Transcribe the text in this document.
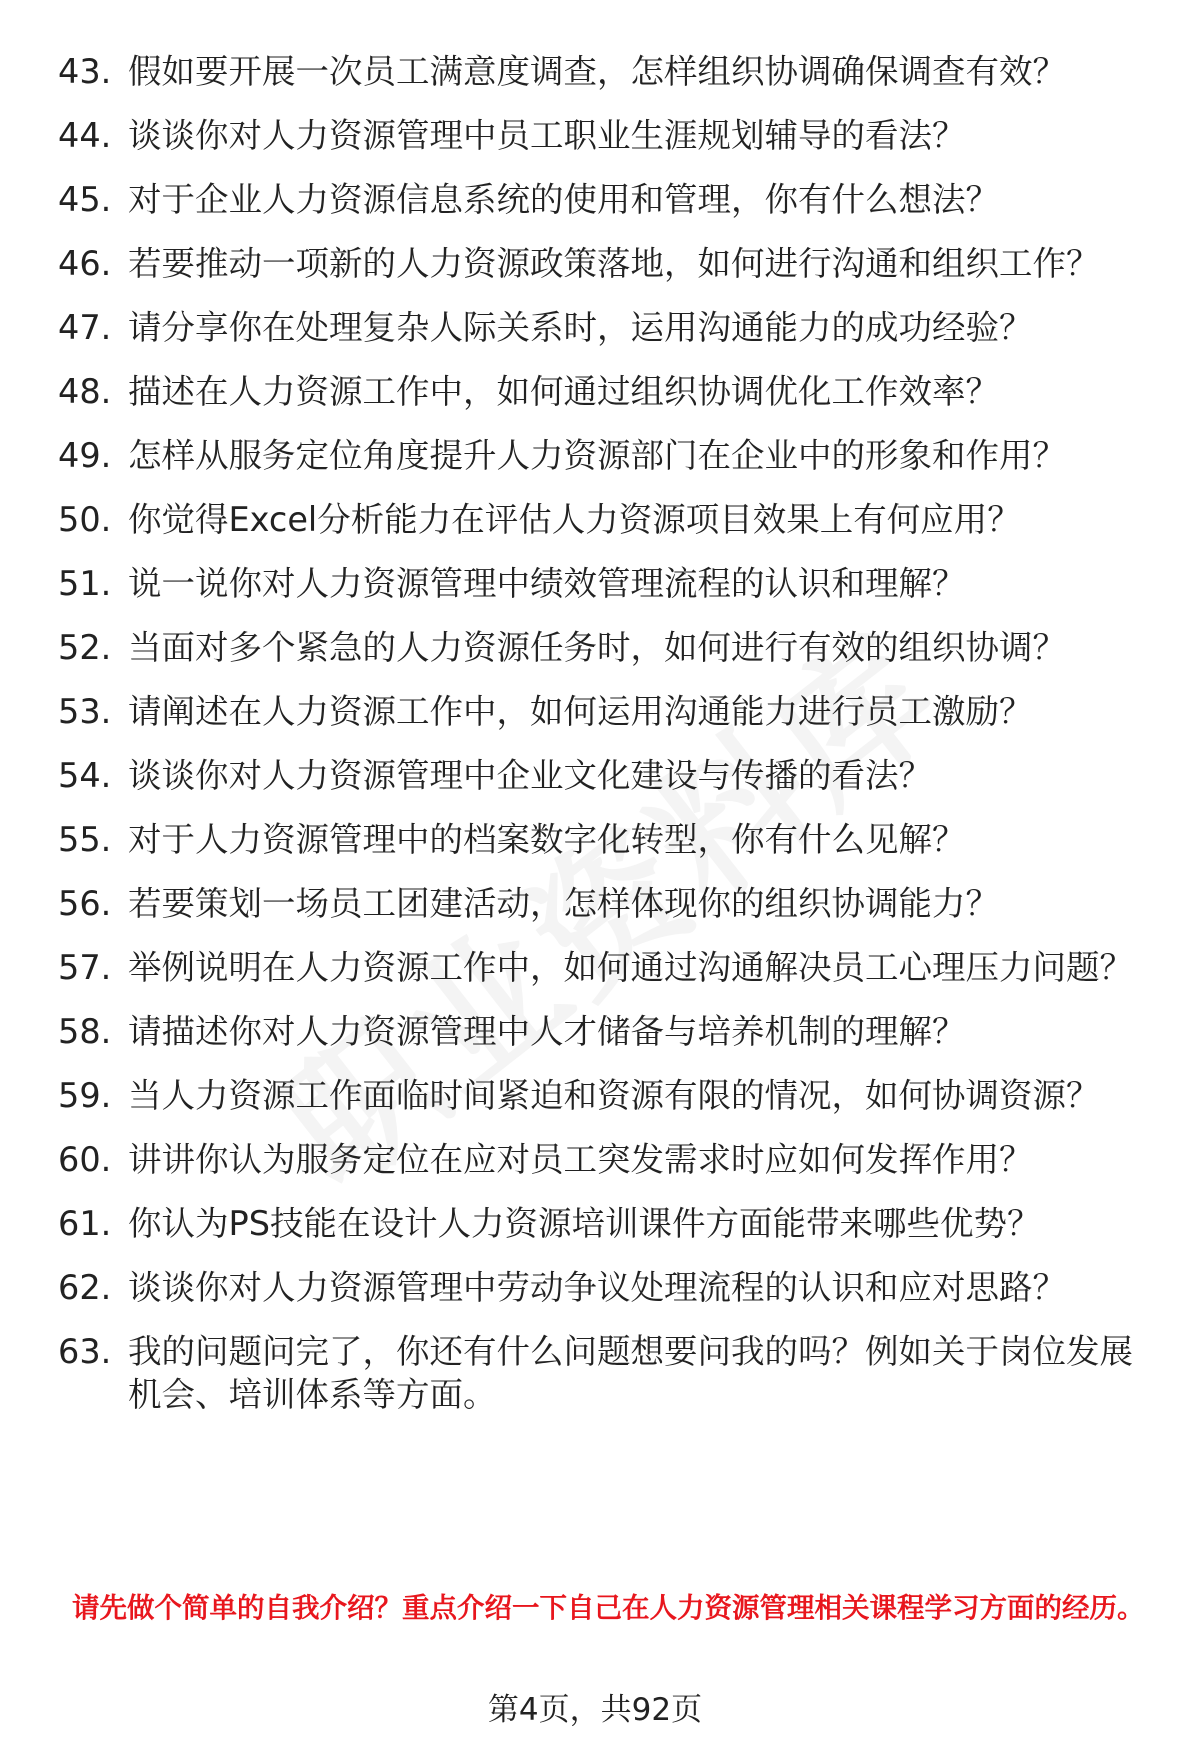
43. 假如要开展一次员工满意度调查，怎样组织协调确保调查有效？
44. 谈谈你对人力资源管理中员工职业生涯规划辅导的看法？
45. 对于企业人力资源信息系统的使用和管理，你有什么想法？
46. 若要推动一项新的人力资源政策落地，如何进行沟通和组织工作？
47. 请分享你在处理复杂人际关系时，运用沟通能力的成功经验？
48. 描述在人力资源工作中，如何通过组织协调优化工作效率？
49. 怎样从服务定位角度提升人力资源部门在企业中的形象和作用？
50. 你觉得Excel分析能力在评估人力资源项目效果上有何应用？
51. 说一说你对人力资源管理中绩效管理流程的认识和理解？
52. 当面对多个紧急的人力资源任务时，如何进行有效的组织协调？
53. 请阐述在人力资源工作中，如何运用沟通能力进行员工激励？
54. 谈谈你对人力资源管理中企业文化建设与传播的看法？
55. 对于人力资源管理中的档案数字化转型，你有什么见解？
56. 若要策划一场员工团建活动，怎样体现你的组织协调能力？
57. 举例说明在人力资源工作中，如何通过沟通解决员工心理压力问题？
58. 请描述你对人力资源管理中人才储备与培养机制的理解？
59. 当人力资源工作面临时间紧迫和资源有限的情况，如何协调资源？
60. 讲讲你认为服务定位在应对员工突发需求时应如何发挥作用？
61. 你认为PS技能在设计人力资源培训课件方面能带来哪些优势？
62. 谈谈你对人力资源管理中劳动争议处理流程的认识和应对思路？
63. 我的问题问完了，你还有什么问题想要问我的吗？例如关于岗位发展机会、培训体系等方面。
请先做个简单的自我介绍？重点介绍一下自己在人力资源管理相关课程学习方面的经历。
第4页，共92页
